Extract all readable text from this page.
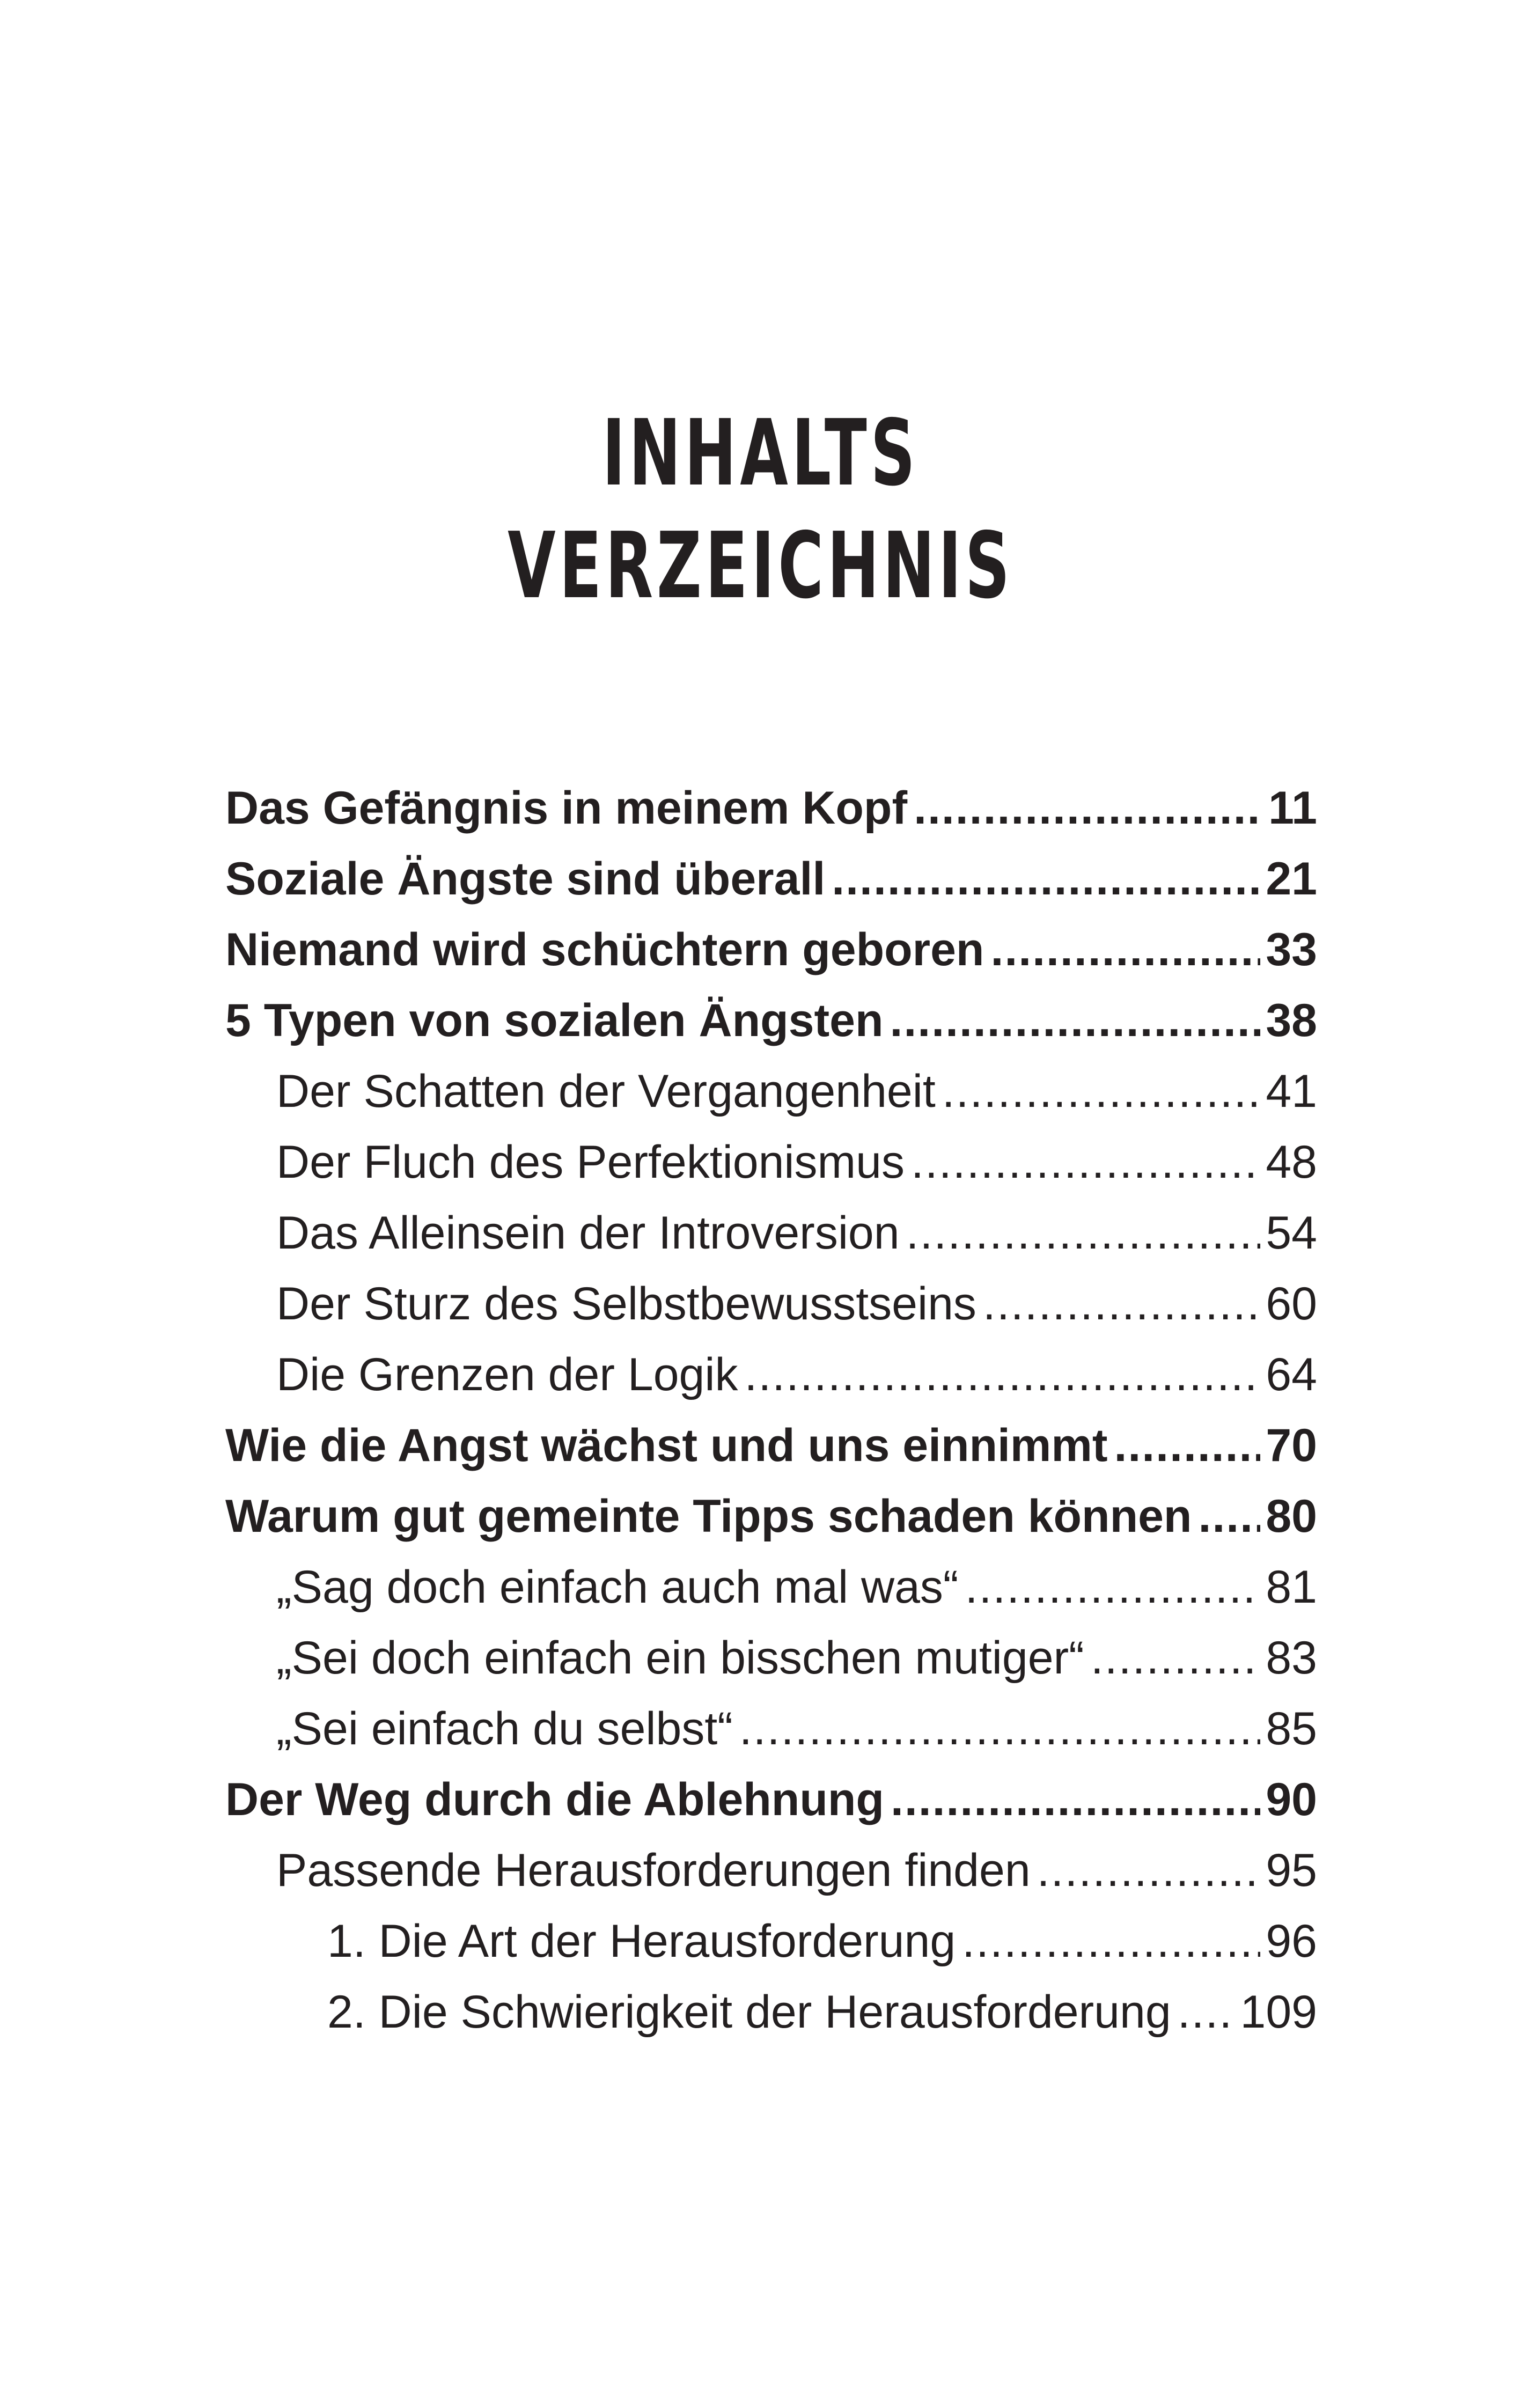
INHALTS
VERZEICHNIS
Das Gefängnis in meinem Kopf .....	11
Soziale Ängste sind überall .....	21
Niemand wird schüchtern geboren .....	33
5 Typen von sozialen Ängsten .....	38
Der Schatten der Vergangenheit .....	41
Der Fluch des Perfektionismus .....	48
Das Alleinsein der Introversion .....	54
Der Sturz des Selbstbewusstseins .....	60
Die Grenzen der Logik .....	64
Wie die Angst wächst und uns einnimmt .....	70
Warum gut gemeinte Tipps schaden können ..... 80
„Sag doch einfach auch mal was“ .....	81
„Sei doch einfach ein bisschen mutiger“ .....	83
„Sei einfach du selbst“ .....	85
Der Weg durch die Ablehnung .....	90
Passende Herausforderungen finden .....	95
1. Die Art der Herausforderung .....	96
2. Die Schwierigkeit der Herausforderung ..... 109
